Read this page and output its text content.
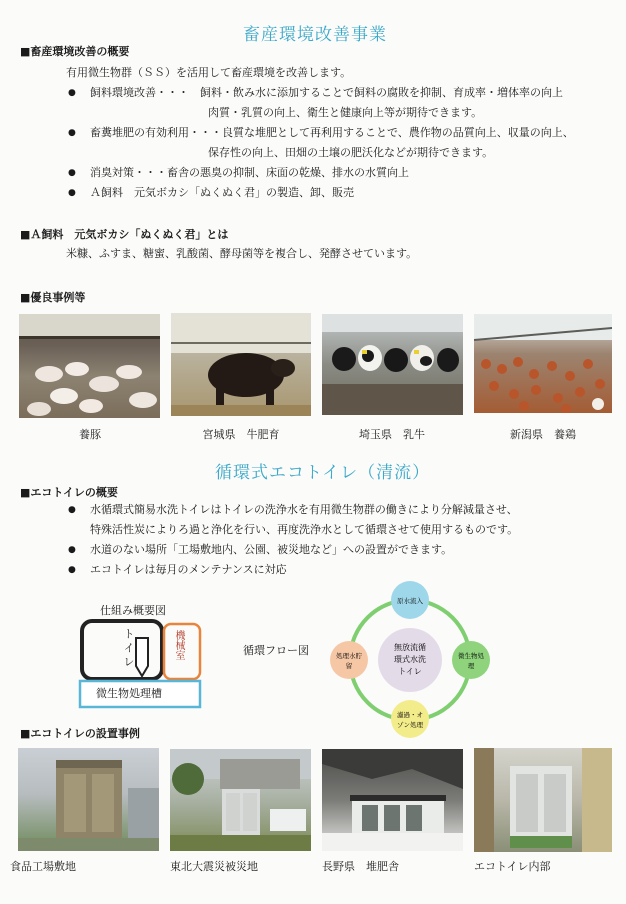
畜産環境改善事業
■畜産環境改善の概要
有用微生物群（ＳＳ）を活用して畜産環境を改善します。
● 飼料環境改善・・・　飼料・飲み水に添加することで飼料の腐敗を抑制、育成率・増体率の向上
肉質・乳質の向上、衛生と健康向上等が期待できます。
● 畜糞堆肥の有効利用・・・良質な堆肥として再利用することで、農作物の品質向上、収量の向上、
保存性の向上、田畑の土壌の肥沃化などが期待できます。
● 消臭対策・・・畜舎の悪臭の抑制、床面の乾燥、排水の水質向上
● Ａ飼料　元気ボカシ「ぬくぬく君」の製造、卸、販売
■Ａ飼料　元気ボカシ「ぬくぬく君」とは
米糠、ふすま、糖蜜、乳酸菌、酵母菌等を複合し、発酵させています。
■優良事例等
養豚	宮城県　牛肥育	埼玉県　乳牛	新潟県　養鶏
循環式エコトイレ（清流）
■エコトイレの概要
● 水循環式簡易水洗トイレはトイレの洗浄水を有用微生物群の働きにより分解減量させ、
特殊活性炭によりろ過と浄化を行い、再度洗浄水として循環させて使用するものです。
● 水道のない場所「工場敷地内、公園、被災地など」への設置ができます。
● エコトイレは毎月のメンテナンスに対応
仕組み概要図
トイレ	機械室
微生物処理槽
循環フロー図	無放流循
環式水洗
トイレ
原水流入
微生物処
理
濾過・オ
ゾン処理
処理水貯
留
■エコトイレの設置事例
食品工場敷地	東北大震災被災地	長野県　堆肥舎	エコトイレ内部
